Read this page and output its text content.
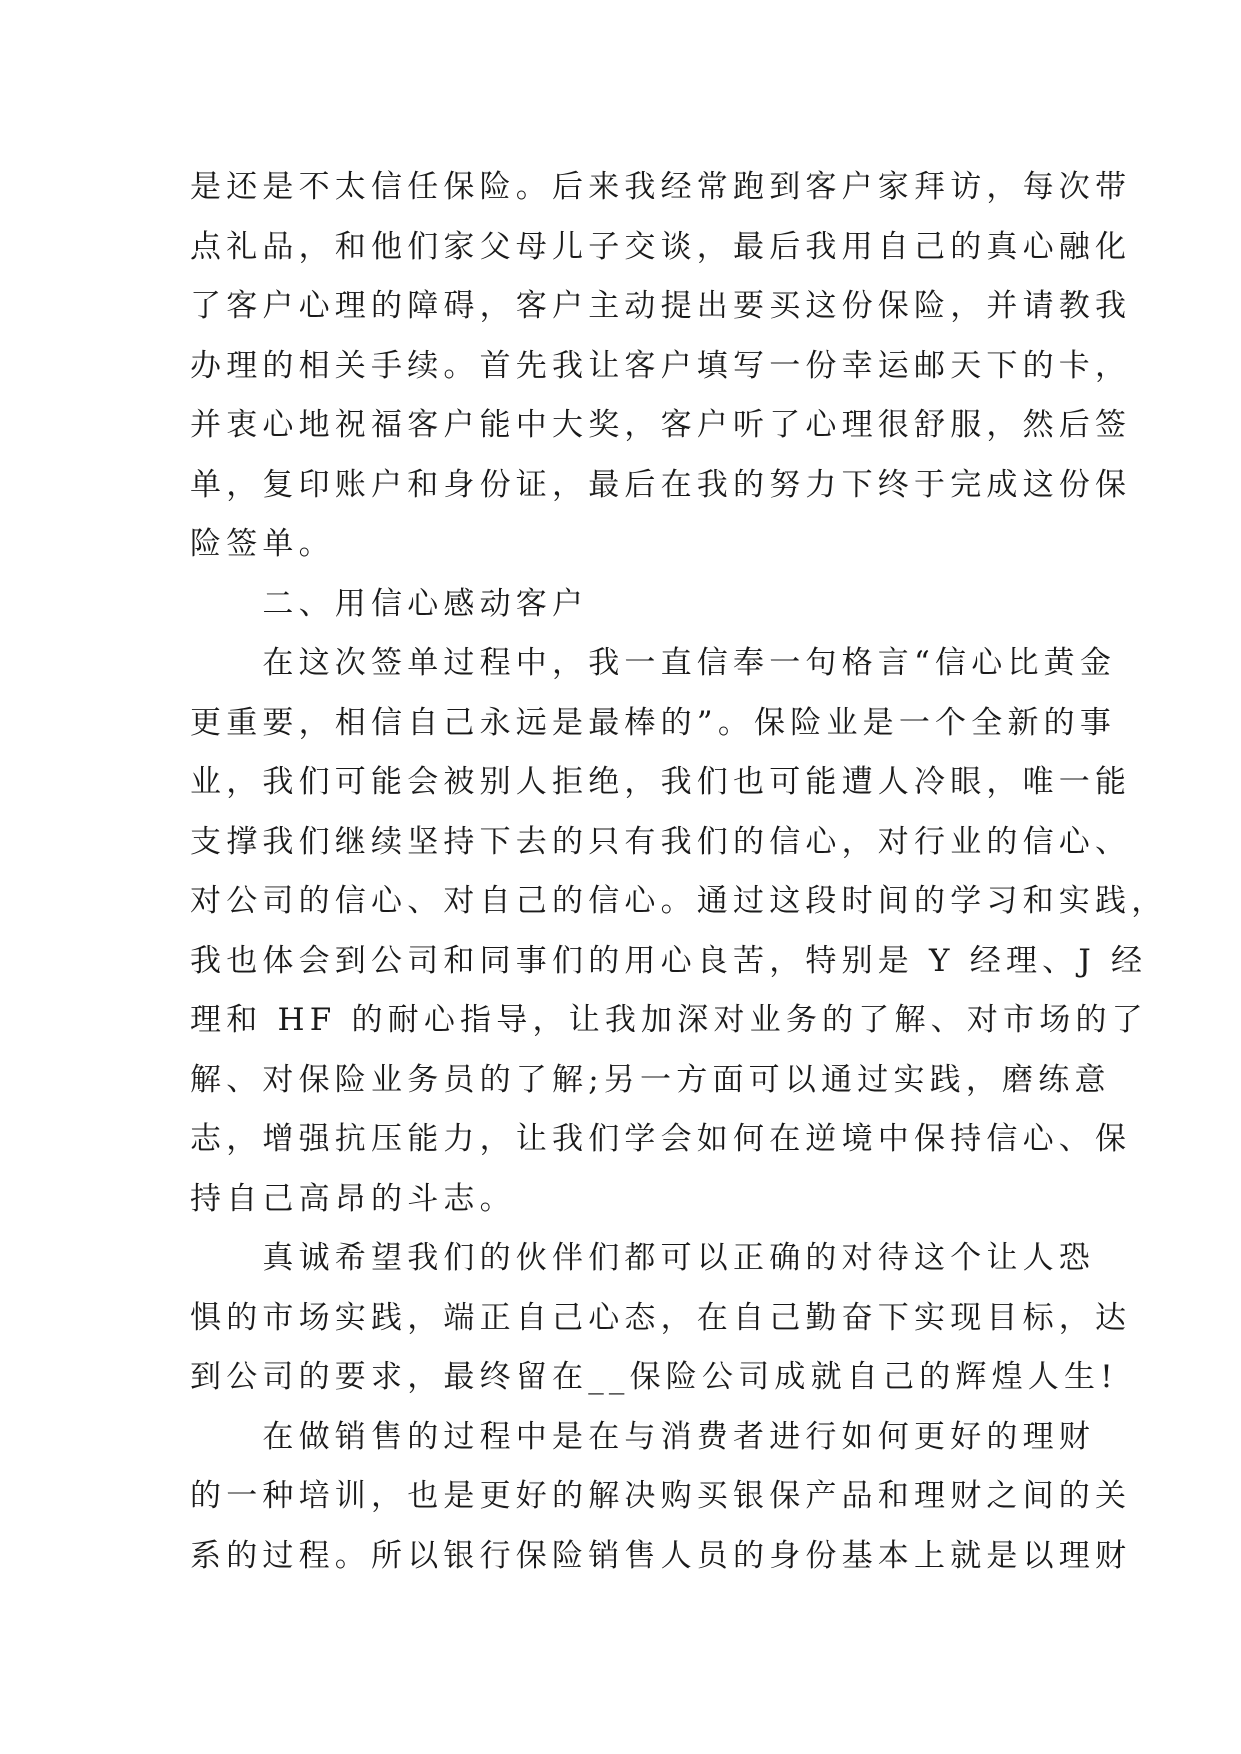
是还是不太信任保险。后来我经常跑到客户家拜访，每次带
点礼品，和他们家父母儿子交谈，最后我用自己的真心融化
了客户心理的障碍，客户主动提出要买这份保险，并请教我
办理的相关手续。首先我让客户填写一份幸运邮天下的卡，
并衷心地祝福客户能中大奖，客户听了心理很舒服，然后签
单，复印账户和身份证，最后在我的努力下终于完成这份保
险签单。
　　二、用信心感动客户
　　在这次签单过程中，我一直信奉一句格言“信心比黄金
更重要，相信自己永远是最棒的”。保险业是一个全新的事
业，我们可能会被别人拒绝，我们也可能遭人冷眼，唯一能
支撑我们继续坚持下去的只有我们的信心，对行业的信心、
对公司的信心、对自己的信心。通过这段时间的学习和实践，
我也体会到公司和同事们的用心良苦，特别是 Y 经理、J 经
理和 HF 的耐心指导，让我加深对业务的了解、对市场的了
解、对保险业务员的了解;另一方面可以通过实践，磨练意
志，增强抗压能力，让我们学会如何在逆境中保持信心、保
持自己高昂的斗志。
　　真诚希望我们的伙伴们都可以正确的对待这个让人恐
惧的市场实践，端正自己心态，在自己勤奋下实现目标，达
到公司的要求，最终留在__保险公司成就自己的辉煌人生!
　　在做销售的过程中是在与消费者进行如何更好的理财
的一种培训，也是更好的解决购买银保产品和理财之间的关
系的过程。所以银行保险销售人员的身份基本上就是以理财
